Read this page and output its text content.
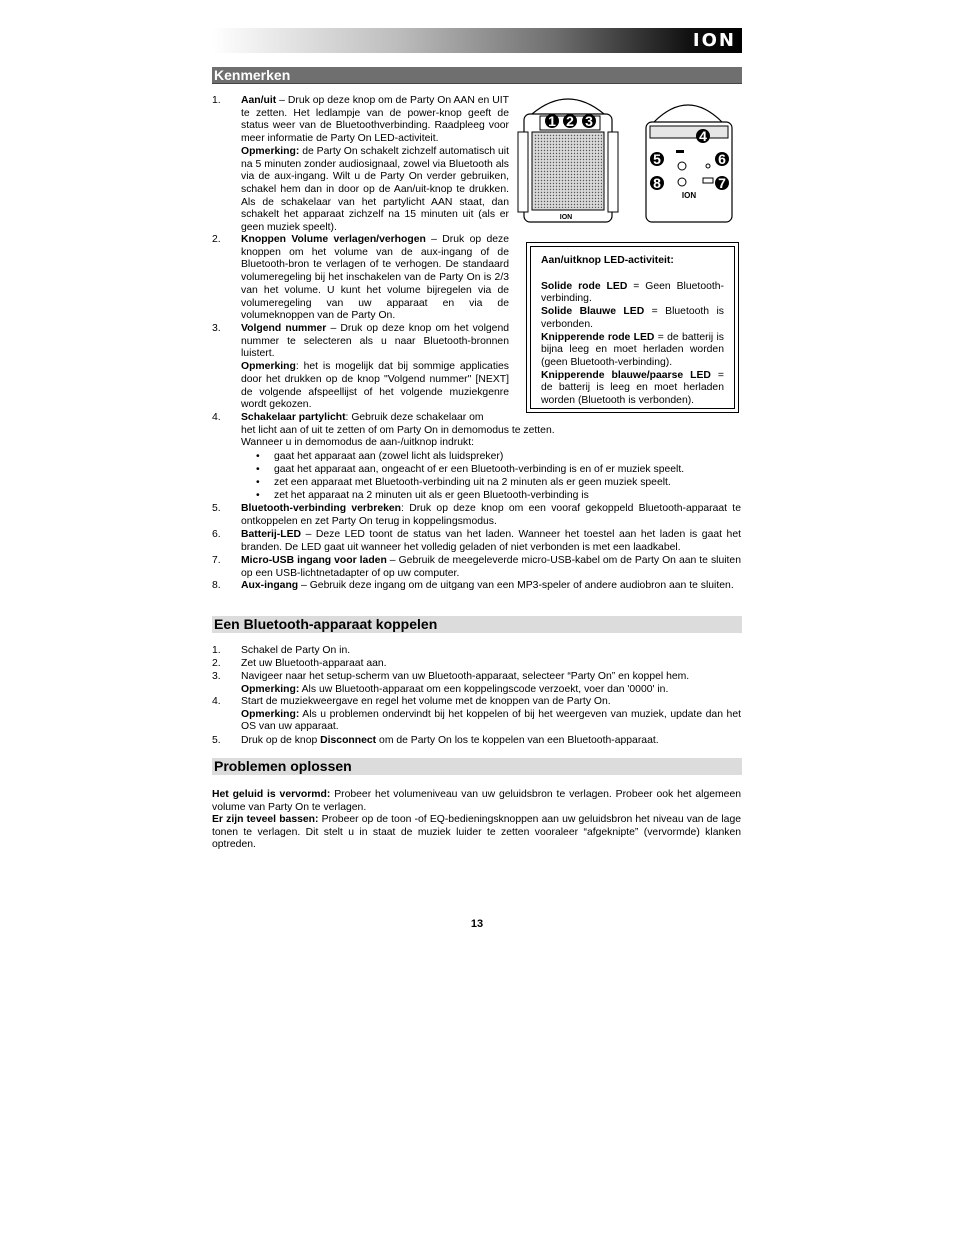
ION
Kenmerken
ION
ION
1 2 3
4
5	6
7
8
Aan/uitknop LED-activiteit:
Solide rode LED = Geen Bluetooth-verbinding.
Solide Blauwe LED = Bluetooth is verbonden.
Knipperende rode LED = de batterij is bijna leeg en moet herladen worden (geen Bluetooth-verbinding).
Knipperende blauwe/paarse LED = de batterij is leeg en moet herladen worden (Bluetooth is verbonden).
1.	Aan/uit – Druk op deze knop om de Party On AAN en UIT te zetten. Het ledlampje van de power-knop geeft de status weer van de Bluetoothverbinding. Raadpleeg voor meer informatie de Party On LED-activiteit.
Opmerking: de Party On schakelt zichzelf automatisch uit na 5 minuten zonder audiosignaal, zowel via Bluetooth als via de aux-ingang. Wilt u de Party On verder gebruiken, schakel hem dan in door op de Aan/uit-knop te drukken. Als de schakelaar van het partylicht AAN staat, dan schakelt het apparaat zichzelf na 15 minuten uit (als er geen muziek speelt).
2.	Knoppen Volume verlagen/verhogen – Druk op deze knoppen om het volume van de aux-ingang of de Bluetooth-bron te verlagen of te verhogen. De standaard volumeregeling bij het inschakelen van de Party On is 2/3 van het volume. U kunt het volume bijregelen via de volumeregeling van uw apparaat en via de volumeknoppen van de Party On.
3.	Volgend nummer – Druk op deze knop om het volgend nummer te selecteren als u naar Bluetooth-bronnen luistert.
Opmerking: het is mogelijk dat bij sommige applicaties door het drukken op de knop "Volgend nummer" [NEXT] de volgende afspeellijst of het volgende muziekgenre wordt gekozen.
4.	Schakelaar partylicht: Gebruik deze schakelaar om
het licht aan of uit te zetten of om Party On in demomodus te zetten.
Wanneer u in demomodus de aan-/uitknop indrukt:
•	gaat het apparaat aan (zowel licht als luidspreker)
•	gaat het apparaat aan, ongeacht of er een Bluetooth-verbinding is en of er muziek speelt.
•	zet een apparaat met Bluetooth-verbinding uit na 2 minuten als er geen muziek speelt.
•	zet het apparaat na 2 minuten uit als er geen Bluetooth-verbinding is
5.	Bluetooth-verbinding verbreken: Druk op deze knop om een vooraf gekoppeld Bluetooth-apparaat te ontkoppelen en zet Party On terug in koppelingsmodus.
6.	Batterij-LED – Deze LED toont de status van het laden. Wanneer het toestel aan het laden is gaat het branden. De LED gaat uit wanneer het volledig geladen of niet verbonden is met een laadkabel.
7.	Micro-USB ingang voor laden – Gebruik de meegeleverde micro-USB-kabel om de Party On aan te sluiten op een USB-lichtnetadapter of op uw computer.
8.	Aux-ingang – Gebruik deze ingang om de uitgang van een MP3-speler of andere audiobron aan te sluiten.
Een Bluetooth-apparaat koppelen
1.	Schakel de Party On in.
2.	Zet uw Bluetooth-apparaat aan.
3.	Navigeer naar het setup-scherm van uw Bluetooth-apparaat, selecteer “Party On” en koppel hem.
Opmerking: Als uw Bluetooth-apparaat om een koppelingscode verzoekt, voer dan '0000' in.
4.	Start de muziekweergave en regel het volume met de knoppen van de Party On.
Opmerking: Als u problemen ondervindt bij het koppelen of bij het weergeven van muziek, update dan het OS van uw apparaat.
5.	Druk op de knop Disconnect om de Party On los te koppelen van een Bluetooth-apparaat.
Problemen oplossen
Het geluid is vervormd: Probeer het volumeniveau van uw geluidsbron te verlagen. Probeer ook het algemeen volume van Party On te verlagen.
Er zijn teveel bassen: Probeer op de toon -of EQ-bedieningsknoppen aan uw geluidsbron het niveau van de lage tonen te verlagen. Dit stelt u in staat de muziek luider te zetten vooraleer “afgeknipte” (vervormde) klanken optreden.
13
